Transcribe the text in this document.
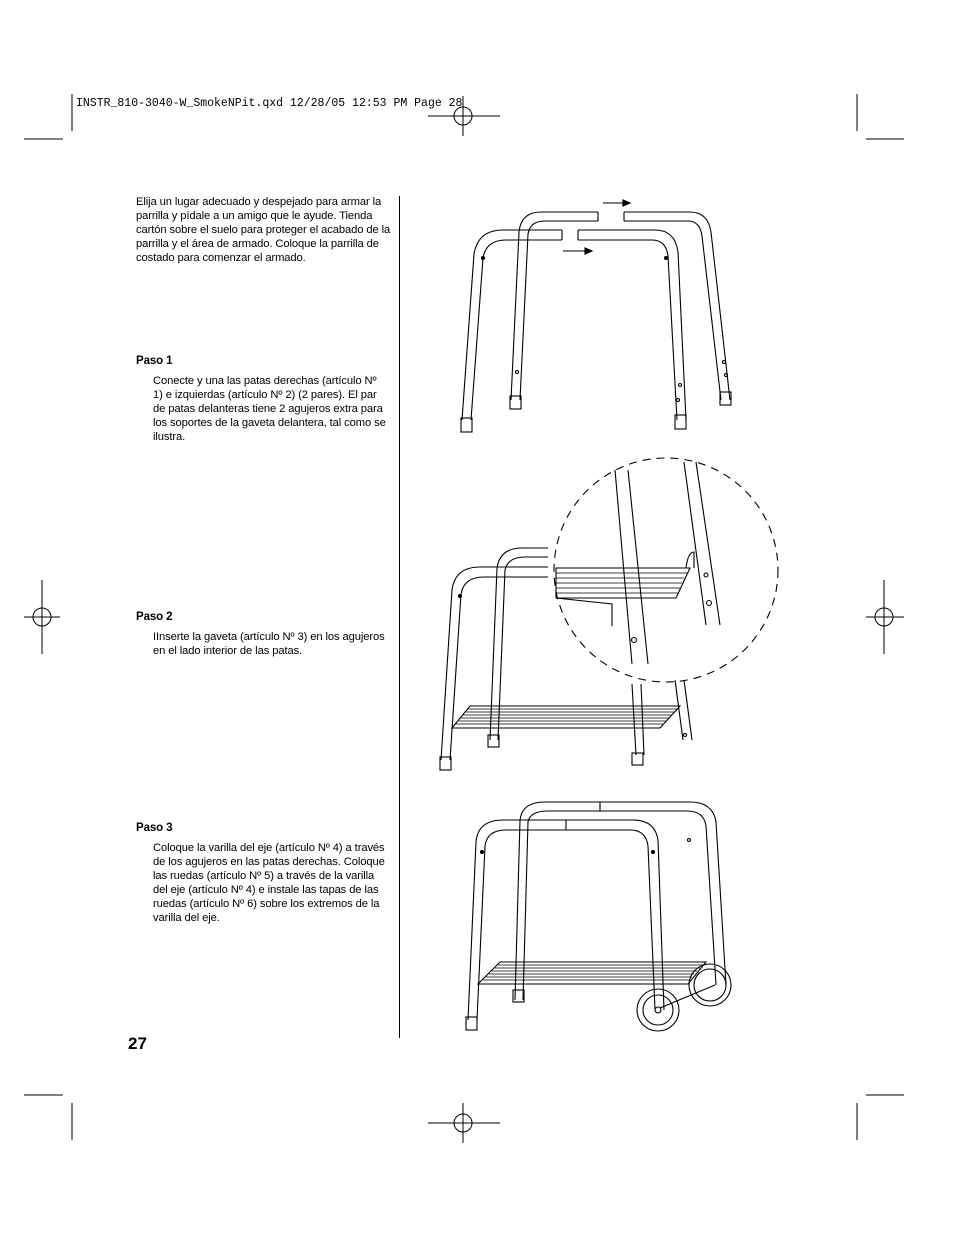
INSTR_810-3040-W_SmokeNPit.qxd 12/28/05 12:53 PM Page 28
Elija un lugar adecuado y despejado para armar la parrilla y pídale a un amigo que le ayude. Tienda cartón sobre el suelo para proteger el acabado de la parrilla y el área de armado. Coloque la parrilla de costado para comenzar el armado.
Paso 1
Conecte y una las patas derechas (artículo Nº 1) e izquierdas (artículo Nº 2) (2 pares). El par de patas delanteras tiene 2 agujeros extra para los soportes de la gaveta delantera, tal como se ilustra.
Paso 2
IInserte la gaveta (artículo Nº 3) en los agujeros en el lado interior de las patas.
Paso 3
Coloque la varilla del eje (artículo Nº 4) a través de los agujeros en las patas derechas. Coloque las ruedas (artículo Nº 5) a través de la varilla del eje (artículo Nº 4) e instale las tapas de las ruedas (artículo Nº 6) sobre los extremos de la varilla del eje.
27
